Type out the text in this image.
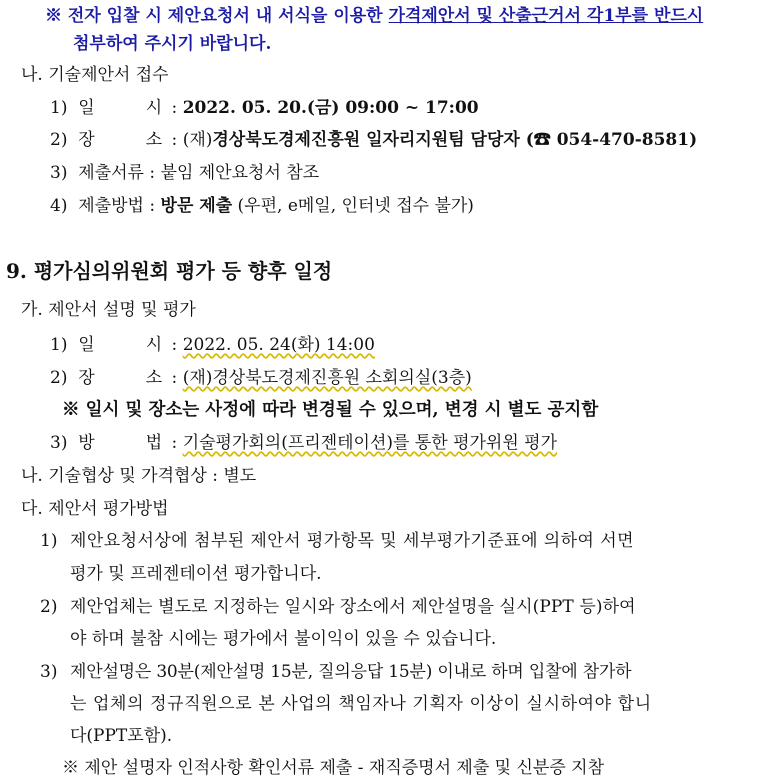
※ 전자 입찰 시 제안요청서 내 서식을 이용한 가격제안서 및 산출근거서 각1부를 반드시
첨부하여 주시기 바랍니다.
나. 기술제안서 접수
1) 일     시 : 2022. 05. 20.(금) 09:00 ~ 17:00
2) 장     소 : (재)경상북도경제진흥원 일자리지원팀 담당자 (☎ 054-470-8581)
3) 제출서류 : 붙임 제안요청서 참조
4) 제출방법 : 방문 제출 (우편, e메일, 인터넷 접수 불가)
9. 평가심의위원회 평가 등 향후 일정
가. 제안서 설명 및 평가
1) 일     시 : 2022. 05. 24(화) 14:00
2) 장     소 : (재)경상북도경제진흥원 소회의실(3층)
※ 일시 및 장소는 사정에 따라 변경될 수 있으며, 변경 시 별도 공지함
3) 방     법 : 기술평가회의(프리젠테이션)를 통한 평가위원 평가
나. 기술협상 및 가격협상 : 별도
다. 제안서 평가방법
1) 제안요청서상에 첨부된 제안서 평가항목 및 세부평가기준표에 의하여 서면
평가 및 프레젠테이션 평가합니다.
2) 제안업체는 별도로 지정하는 일시와 장소에서 제안설명을 실시(PPT 등)하여
야 하며 불참 시에는 평가에서 불이익이 있을 수 있습니다.
3) 제안설명은 30분(제안설명 15분, 질의응답 15분) 이내로 하며 입찰에 참가하
는 업체의 정규직원으로 본 사업의 책임자나 기획자 이상이 실시하여야 합니
다(PPT포함).
※ 제안 설명자 인적사항 확인서류 제출 - 재직증명서 제출 및 신분증 지참
